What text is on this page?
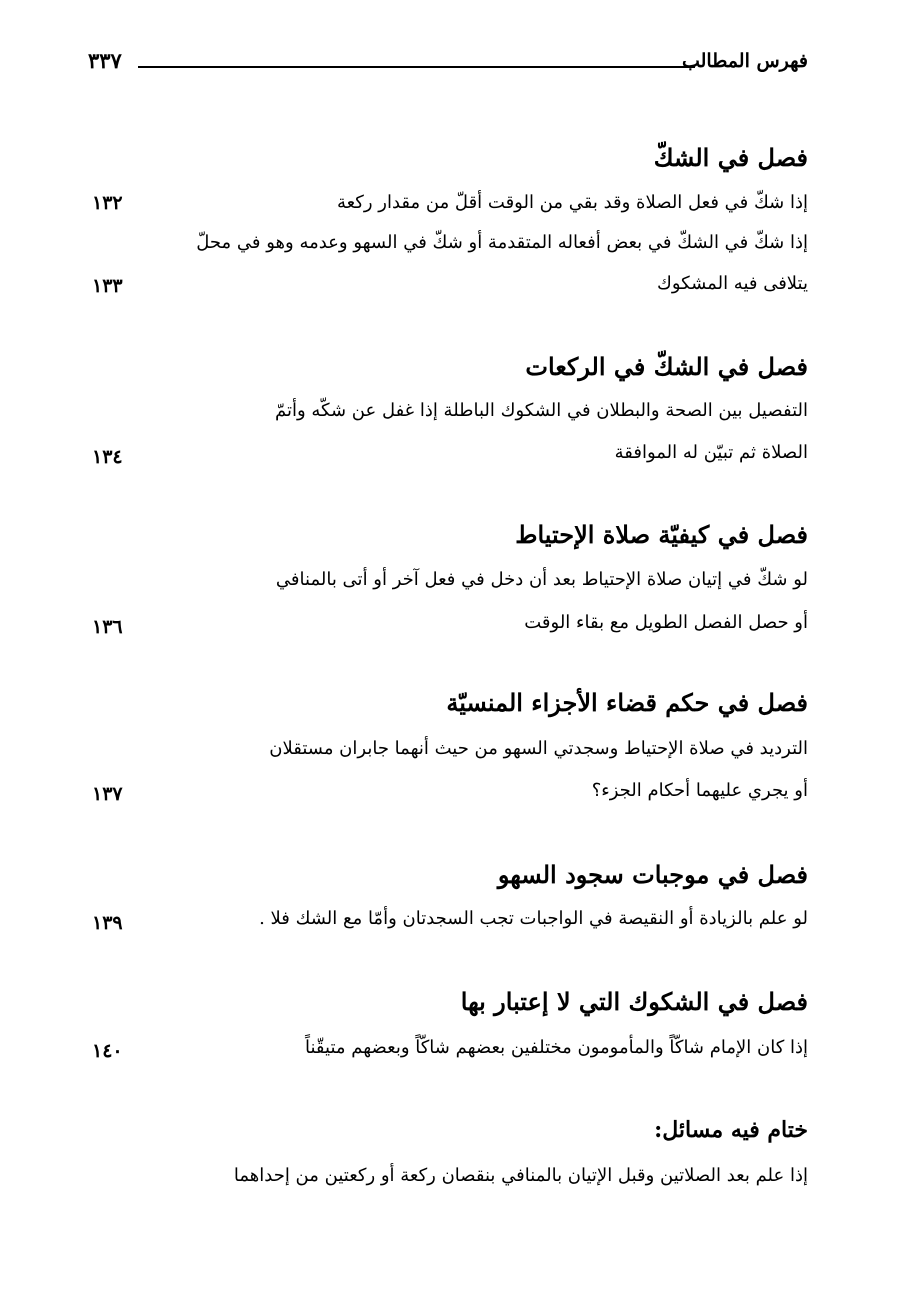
فهرس المطالب
٣٣٧
فصل في الشكّ
إذا شكّ في فعل الصلاة وقد بقي من الوقت أقلّ من مقدار ركعة
١٣٢
إذا شكّ في الشكّ في بعض أفعاله المتقدمة أو شكّ في السهو وعدمه وهو في محلّ
يتلافى فيه المشكوك
١٣٣
فصل في الشكّ في الركعات
التفصيل بين الصحة والبطلان في الشكوك الباطلة إذا غفل عن شكّه وأتمّ
الصلاة ثم تبيّن له الموافقة
١٣٤
فصل في كيفيّة صلاة الإحتياط
لو شكّ في إتيان صلاة الإحتياط بعد أن دخل في فعل آخر أو أتى بالمنافي
أو حصل الفصل الطويل مع بقاء الوقت
١٣٦
فصل في حكم قضاء الأجزاء المنسيّة
الترديد في صلاة الإحتياط وسجدتي السهو من حيث أنهما جابران مستقلان
أو يجري عليهما أحكام الجزء؟
١٣٧
فصل في موجبات سجود السهو
لو علم بالزيادة أو النقيصة في الواجبات تجب السجدتان وأمّا مع الشك فلا .
١٣٩
فصل في الشكوك التي لا إعتبار بها
إذا كان الإمام شاكّاً والمأمومون مختلفين بعضهم شاكّاً وبعضهم متيقّناً
١٤٠
ختام فيه مسائل:
إذا علم بعد الصلاتين وقبل الإتيان بالمنافي بنقصان ركعة أو ركعتين من إحداهما
